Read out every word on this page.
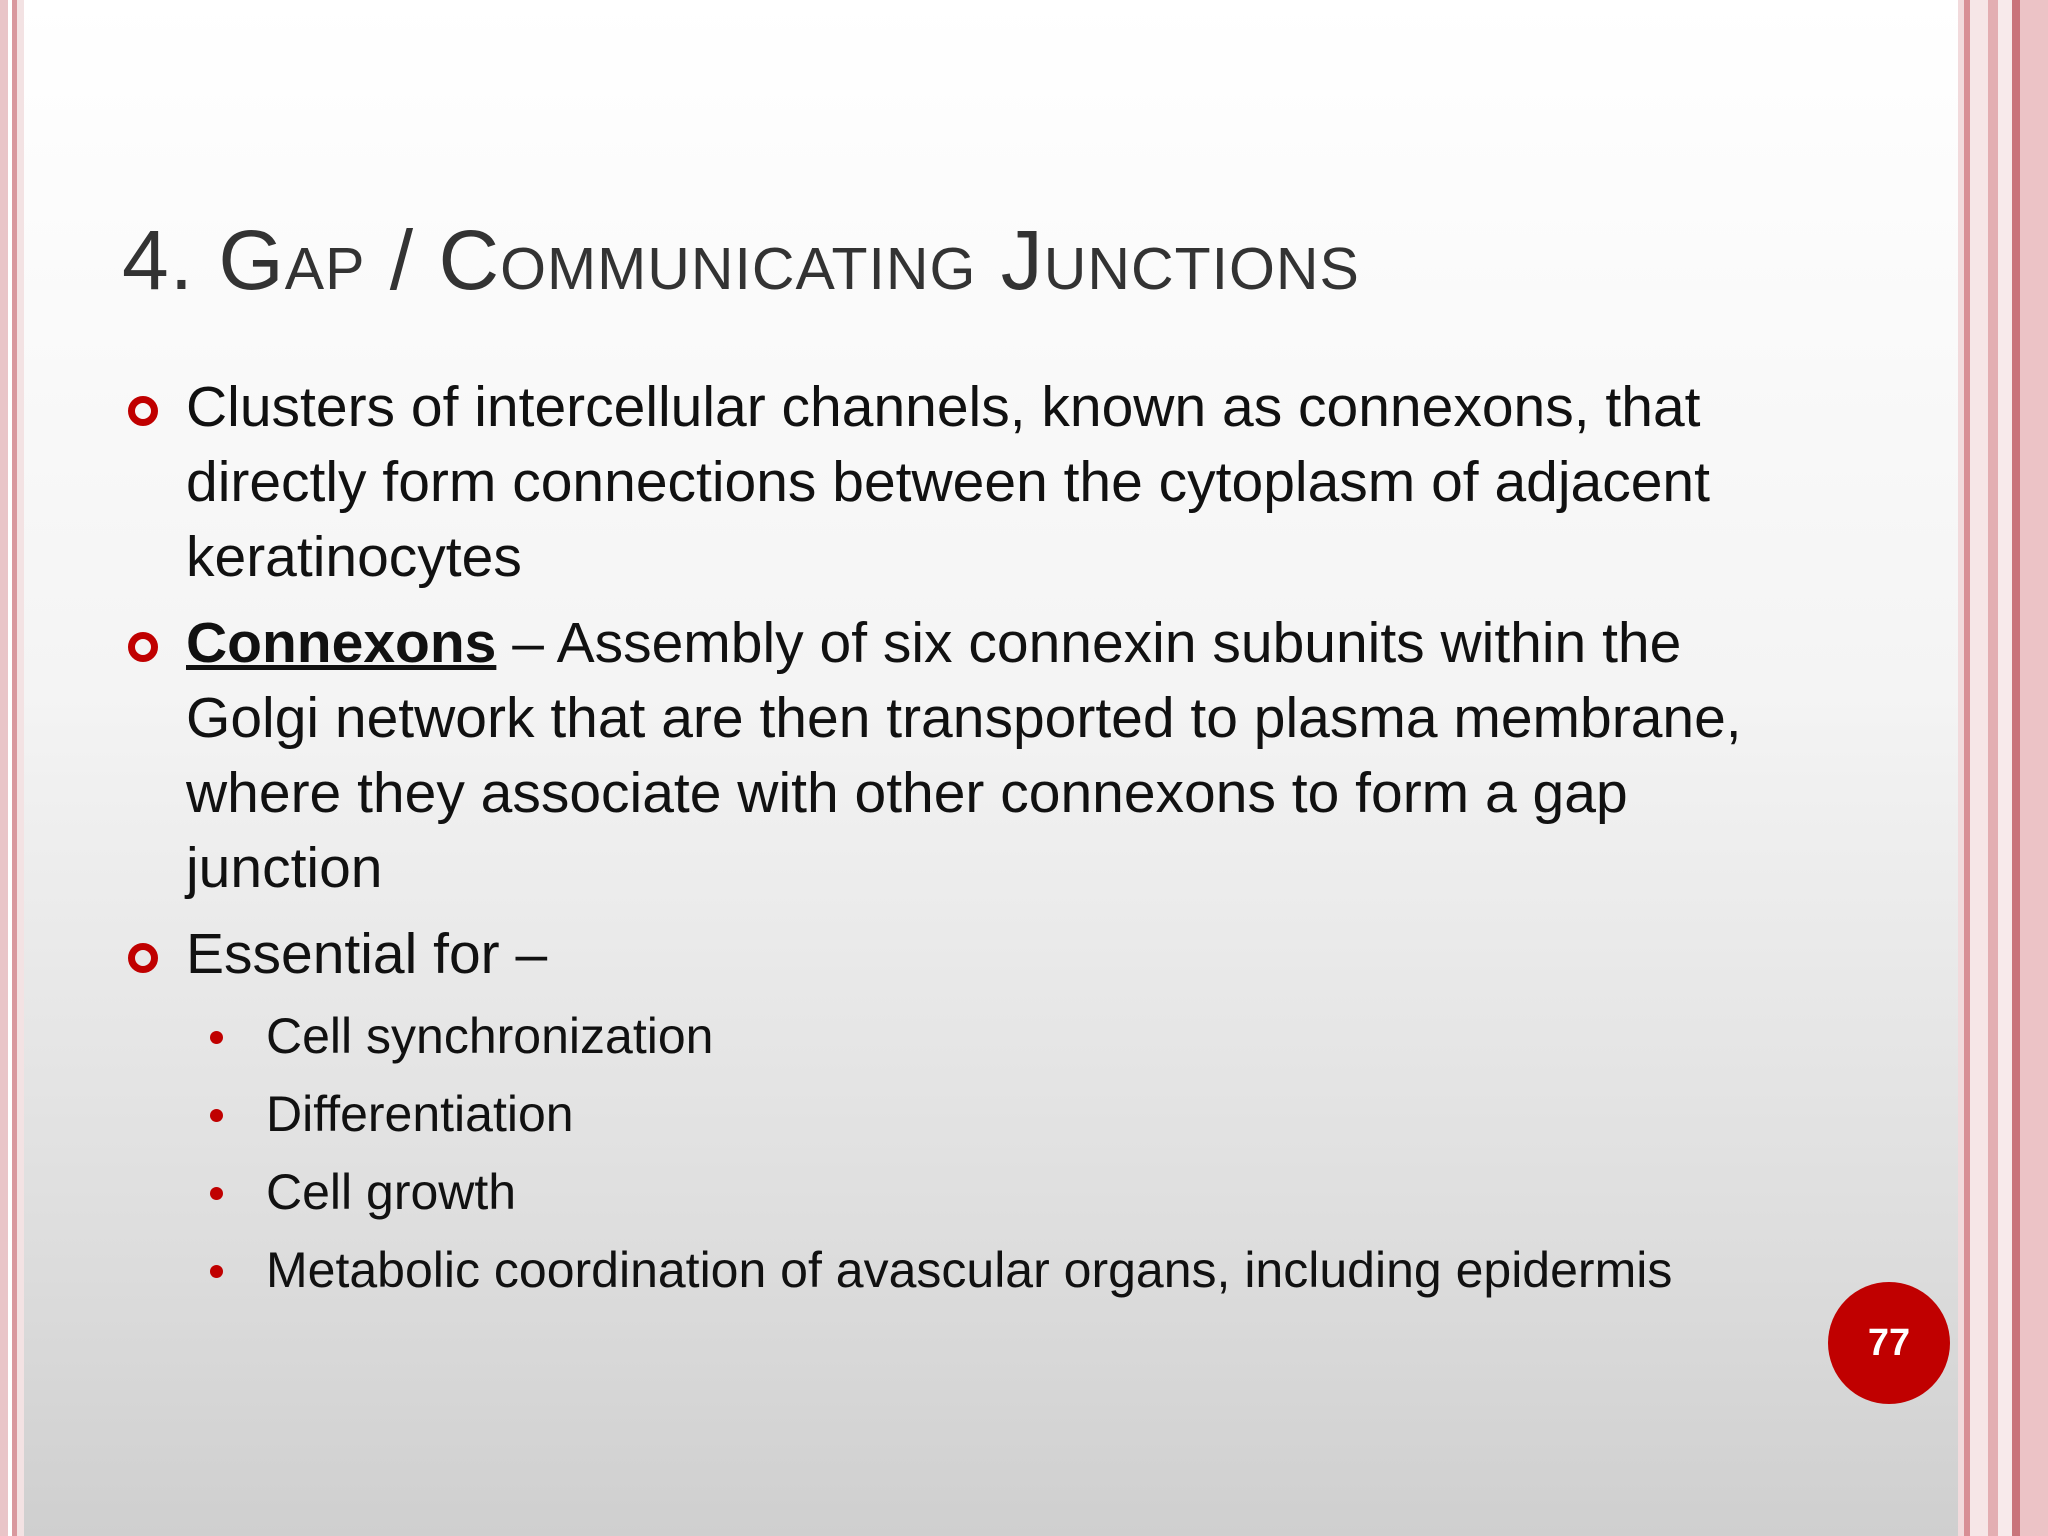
4. Gap / Communicating Junctions
Clusters of intercellular channels, known as connexons, that directly form connections between the cytoplasm of adjacent keratinocytes
Connexons – Assembly of six connexin subunits within the Golgi network that are then transported to plasma membrane, where they associate with other connexons to form a gap junction
Essential for –
Cell synchronization
Differentiation
Cell growth
Metabolic coordination of avascular organs, including epidermis
77
